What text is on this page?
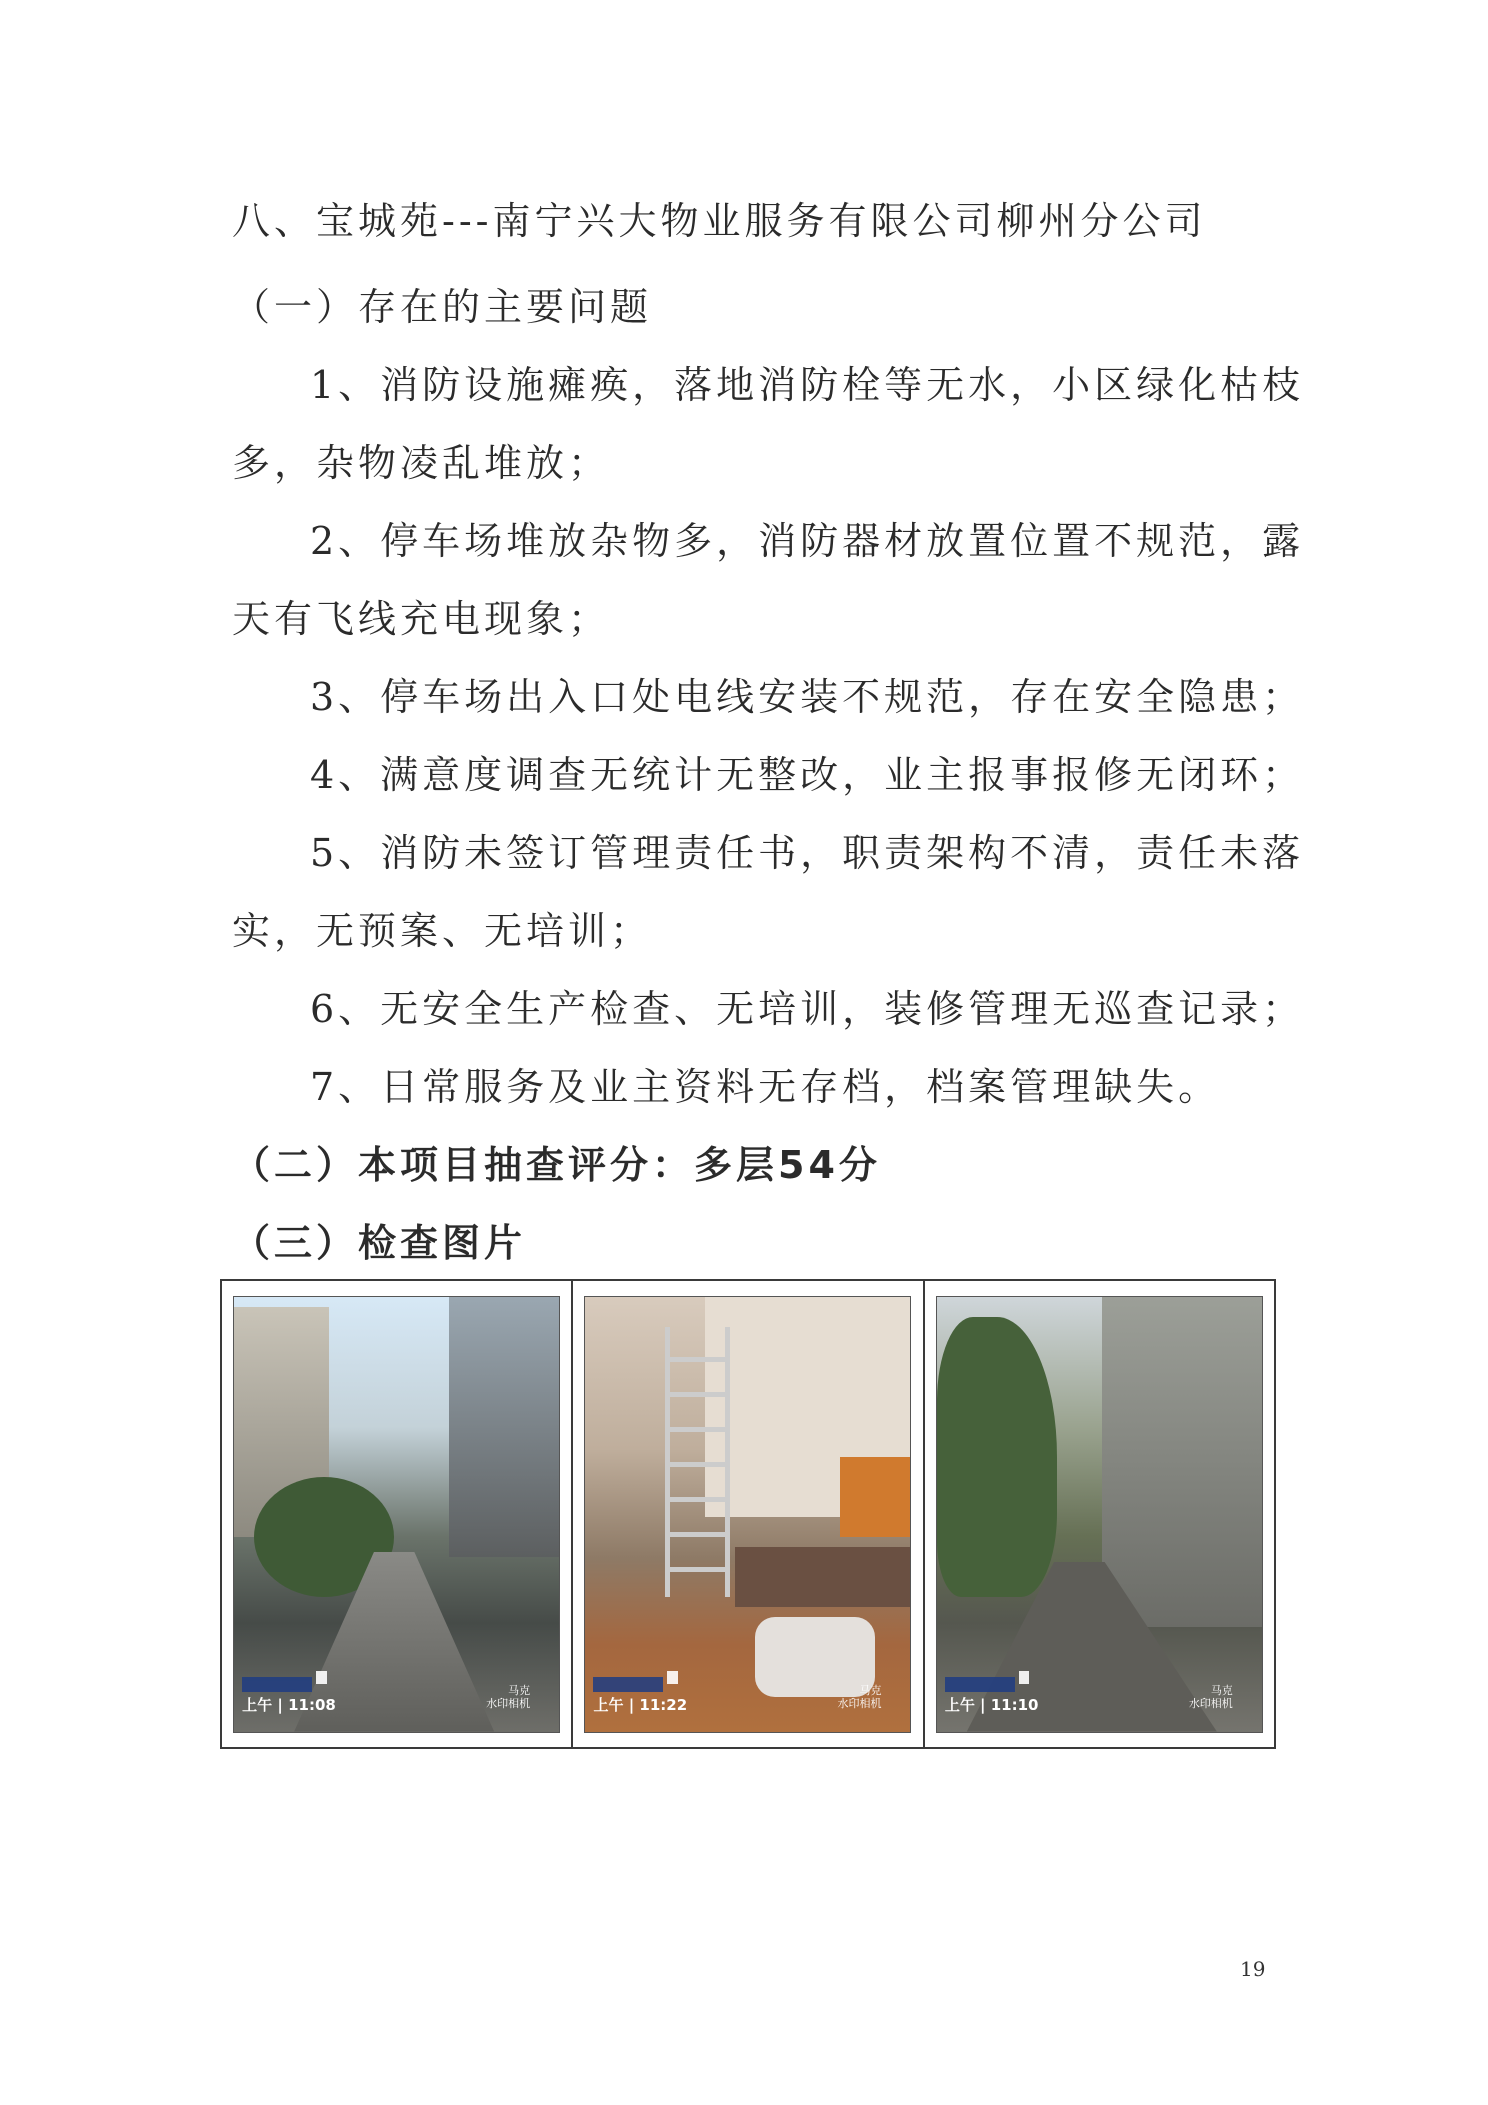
八、宝城苑---南宁兴大物业服务有限公司柳州分公司
（一）存在的主要问题
1、消防设施瘫痪，落地消防栓等无水，小区绿化枯枝
多，杂物凌乱堆放；
2、停车场堆放杂物多，消防器材放置位置不规范，露
天有飞线充电现象；
3、停车场出入口处电线安装不规范，存在安全隐患；
4、满意度调查无统计无整改，业主报事报修无闭环；
5、消防未签订管理责任书，职责架构不清，责任未落
实，无预案、无培训；
6、无安全生产检查、无培训，装修管理无巡查记录；
7、日常服务及业主资料无存档，档案管理缺失。
（二）本项目抽查评分：多层54分
（三）检查图片

上午 | 11:08

马克
水印相机
	上午 | 11:22

马克
水印相机
	上午 | 11:10

马克
水印相机
19
